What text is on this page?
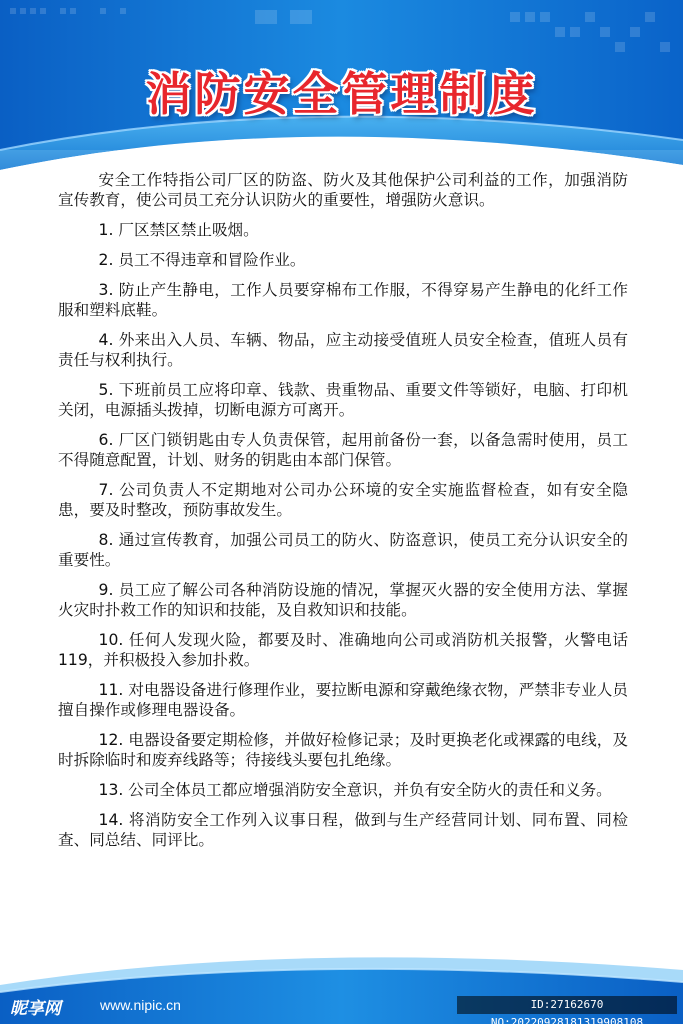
消防安全管理制度

安全工作特指公司厂区的防盗、防火及其他保护公司利益的工作，加强消防宣传教育，使公司员工充分认识防火的重要性，增强防火意识。

1. 厂区禁区禁止吸烟。

2. 员工不得违章和冒险作业。

3. 防止产生静电，工作人员要穿棉布工作服，不得穿易产生静电的化纤工作服和塑料底鞋。

4. 外来出入人员、车辆、物品，应主动接受值班人员安全检查，值班人员有责任与权利执行。

5. 下班前员工应将印章、钱款、贵重物品、重要文件等锁好，电脑、打印机关闭，电源插头拨掉，切断电源方可离开。

6. 厂区门锁钥匙由专人负责保管，起用前备份一套，以备急需时使用，员工不得随意配置，计划、财务的钥匙由本部门保管。

7. 公司负责人不定期地对公司办公环境的安全实施监督检查，如有安全隐患，要及时整改，预防事故发生。

8. 通过宣传教育，加强公司员工的防火、防盗意识，使员工充分认识安全的重要性。

9. 员工应了解公司各种消防设施的情况，掌握灭火器的安全使用方法、掌握火灾时扑救工作的知识和技能，及自救知识和技能。

10. 任何人发现火险，都要及时、准确地向公司或消防机关报警，火警电话119，并积极投入参加扑救。

11. 对电器设备进行修理作业，要拉断电源和穿戴绝缘衣物，严禁非专业人员擅自操作或修理电器设备。

12. 电器设备要定期检修，并做好检修记录；及时更换老化或裸露的电线，及时拆除临时和废弃线路等；待接线头要包扎绝缘。

13. 公司全体员工都应增强消防安全意识，并负有安全防火的责任和义务。

14. 将消防安全工作列入议事日程，做到与生产经营同计划、同布置、同检查、同总结、同评比。

昵享网	www.nipic.cn	ID:27162670 NO:20220928181319908108
